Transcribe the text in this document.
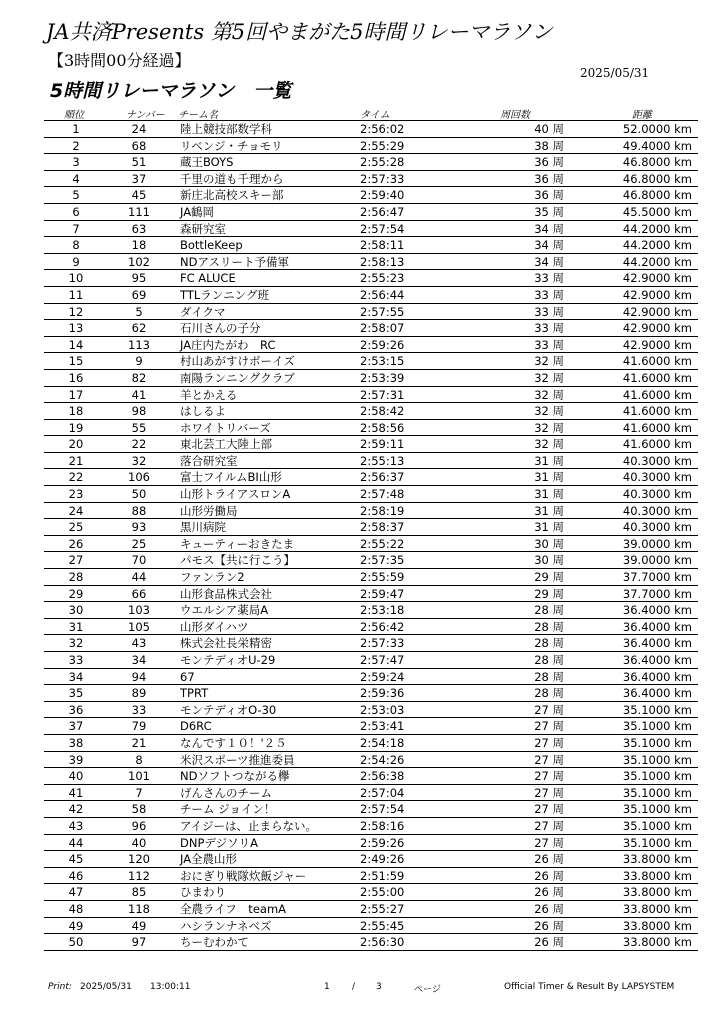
JA共済Presents 第5回やまがた5時間リレーマラソン
【3時間00分経過】
2025/05/31
5時間リレーマラソン　一覧
順位	ナンバー チーム名	タイム	周回数	距離
1	24	陸上競技部数学科	2:56:02	40 周	52.0000 km
2	68	リベンジ・チョモリ	2:55:29	38 周	49.4000 km
3	51	蔵王BOYS	2:55:28	36 周	46.8000 km
4	37	千里の道も千理から	2:57:33	36 周	46.8000 km
5	45	新庄北高校スキー部	2:59:40	36 周	46.8000 km
6	111	JA鶴岡	2:56:47	35 周	45.5000 km
7	63	森研究室	2:57:54	34 周	44.2000 km
8	18	BottleKeep	2:58:11	34 周	44.2000 km
9	102	NDアスリート予備軍	2:58:13	34 周	44.2000 km
10	95	FC ALUCE	2:55:23	33 周	42.9000 km
11	69	TTLランニング班	2:56:44	33 周	42.9000 km
12	5	ダイクマ	2:57:55	33 周	42.9000 km
13	62	石川さんの子分	2:58:07	33 周	42.9000 km
14	113	JA庄内たがわ　RC	2:59:26	33 周	42.9000 km
15	9	村山あがすけボーイズ	2:53:15	32 周	41.6000 km
16	82	南陽ランニングクラブ	2:53:39	32 周	41.6000 km
17	41	羊とかえる	2:57:31	32 周	41.6000 km
18	98	はしるよ	2:58:42	32 周	41.6000 km
19	55	ホワイトリバーズ	2:58:56	32 周	41.6000 km
20	22	東北芸工大陸上部	2:59:11	32 周	41.6000 km
21	32	落合研究室	2:55:13	31 周	40.3000 km
22	106	富士フイルムBI山形	2:56:37	31 周	40.3000 km
23	50	山形トライアスロンA	2:57:48	31 周	40.3000 km
24	88	山形労働局	2:58:19	31 周	40.3000 km
25	93	黒川病院	2:58:37	31 周	40.3000 km
26	25	キューティーおきたま	2:55:22	30 周	39.0000 km
27	70	パモス【共に行こう】	2:57:35	30 周	39.0000 km
28	44	ファンラン2	2:55:59	29 周	37.7000 km
29	66	山形食品株式会社	2:59:47	29 周	37.7000 km
30	103	ウエルシア薬局A	2:53:18	28 周	36.4000 km
31	105	山形ダイハツ	2:56:42	28 周	36.4000 km
32	43	株式会社長栄精密	2:57:33	28 周	36.4000 km
33	34	モンテディオU-29	2:57:47	28 周	36.4000 km
34	94	67	2:59:24	28 周	36.4000 km
35	89	TPRT	2:59:36	28 周	36.4000 km
36	33	モンテディオO-30	2:53:03	27 周	35.1000 km
37	79	D6RC	2:53:41	27 周	35.1000 km
38	21	なんです１０！'２５	2:54:18	27 周	35.1000 km
39	8	米沢スポーツ推進委員	2:54:26	27 周	35.1000 km
40	101	NDソフトつながる欅	2:56:38	27 周	35.1000 km
41	7	げんさんのチーム	2:57:04	27 周	35.1000 km
42	58	チーム ジョイン！	2:57:54	27 周	35.1000 km
43	96	アイジーは、止まらない。	2:58:16	27 周	35.1000 km
44	40	DNPデジソリA	2:59:26	27 周	35.1000 km
45	120	JA全農山形	2:49:26	26 周	33.8000 km
46	112	おにぎり戦隊炊飯ジャー	2:51:59	26 周	33.8000 km
47	85	ひまわり	2:55:00	26 周	33.8000 km
48	118	全農ライフ　teamA	2:55:27	26 周	33.8000 km
49	49	ハシランナネベズ	2:55:45	26 周	33.8000 km
50	97	ちーむわかて	2:56:30	26 周	33.8000 km
Print: 2025/05/31 13:00:11	1 / 3	ページ	Official Timer & Result By LAPSYSTEM
